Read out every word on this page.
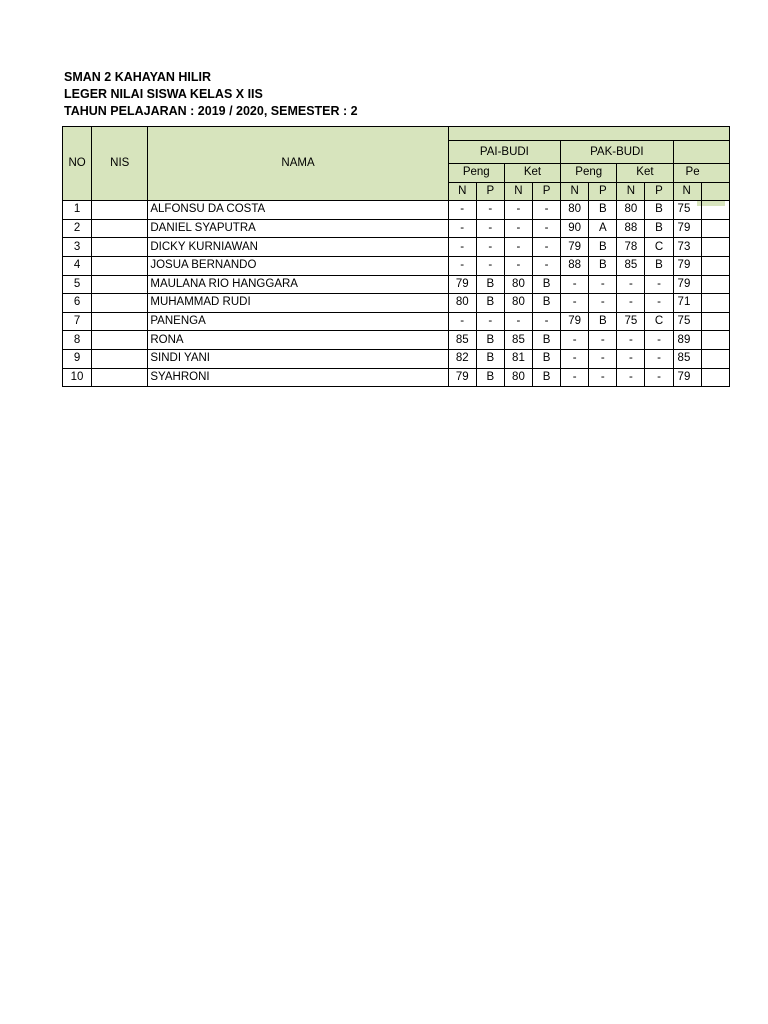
SMAN 2 KAHAYAN HILIR
LEGER NILAI SISWA KELAS X IIS
TAHUN PELAJARAN : 2019 / 2020, SEMESTER : 2
NO	NIS	NAMA										
			PAI-BUDI				PAK-BUDI					
			Peng		Ket		Peng		Ket		Pe	
			N	P	N	P	N	P	N	P	N	
1		ALFONSU DA COSTA	-	-	-	-	80	B	80	B	75	
2		DANIEL SYAPUTRA	-	-	-	-	90	A	88	B	79	
3		DICKY KURNIAWAN	-	-	-	-	79	B	78	C	73	
4		JOSUA BERNANDO	-	-	-	-	88	B	85	B	79	
5		MAULANA RIO HANGGARA	79	B	80	B	-	-	-	-	79	
6		MUHAMMAD RUDI	80	B	80	B	-	-	-	-	71	
7		PANENGA	-	-	-	-	79	B	75	C	75	
8		RONA	85	B	85	B	-	-	-	-	89	
9		SINDI YANI	82	B	81	B	-	-	-	-	85	
10		SYAHRONI	79	B	80	B	-	-	-	-	79	
